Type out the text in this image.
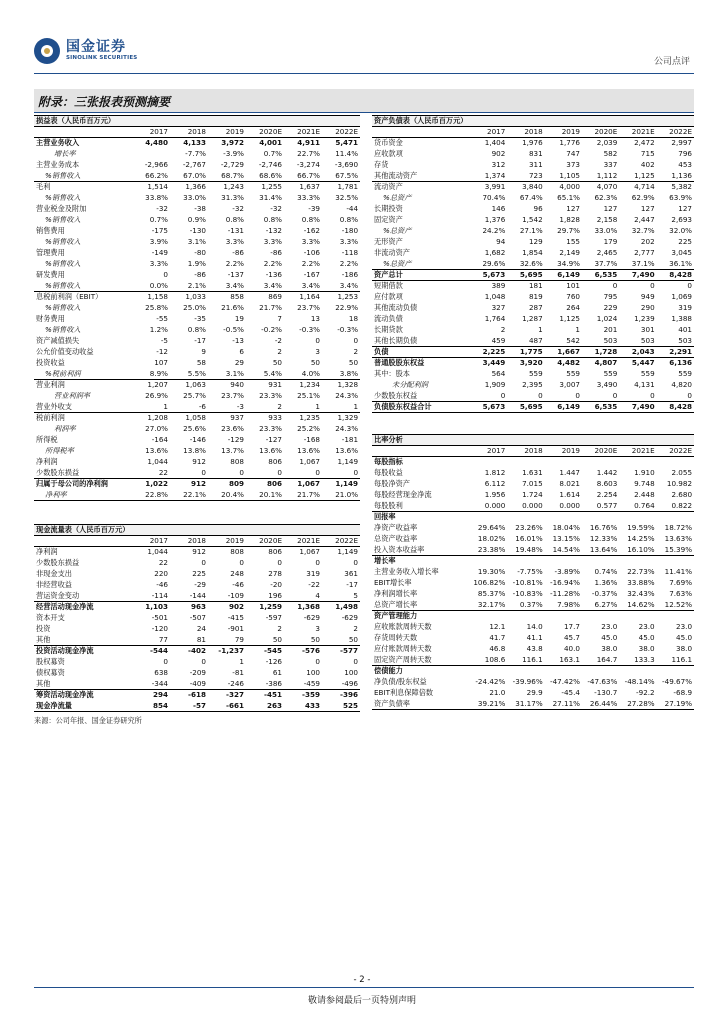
国金证券
SINOLINK SECURITIES	公司点评
附录：三张报表预测摘要
损益表（人民币百万元）						
	2017	2018	2019	2020E	2021E	2022E
主营业务收入	4,480	4,133	3,972	4,001	4,911	5,471
增长率		-7.7%	-3.9%	0.7%	22.7%	11.4%
主营业务成本	-2,966	-2,767	-2,729	-2,746	-3,274	-3,690
%销售收入	66.2%	67.0%	68.7%	68.6%	66.7%	67.5%
毛利	1,514	1,366	1,243	1,255	1,637	1,781
%销售收入	33.8%	33.0%	31.3%	31.4%	33.3%	32.5%
营业税金及附加	-32	-38	-32	-32	-39	-44
%销售收入	0.7%	0.9%	0.8%	0.8%	0.8%	0.8%
销售费用	-175	-130	-131	-132	-162	-180
%销售收入	3.9%	3.1%	3.3%	3.3%	3.3%	3.3%
管理费用	-149	-80	-86	-86	-106	-118
%销售收入	3.3%	1.9%	2.2%	2.2%	2.2%	2.2%
研发费用	0	-86	-137	-136	-167	-186
%销售收入	0.0%	2.1%	3.4%	3.4%	3.4%	3.4%
息税前利润（EBIT）	1,158	1,033	858	869	1,164	1,253
%销售收入	25.8%	25.0%	21.6%	21.7%	23.7%	22.9%
财务费用	-55	-35	19	7	13	18
%销售收入	1.2%	0.8%	-0.5%	-0.2%	-0.3%	-0.3%
资产减值损失	-5	-17	-13	-2	0	0
公允价值变动收益	-12	9	6	2	3	2
投资收益	107	58	29	50	50	50
%税前利润	8.9%	5.5%	3.1%	5.4%	4.0%	3.8%
营业利润	1,207	1,063	940	931	1,234	1,328
营业利润率	26.9%	25.7%	23.7%	23.3%	25.1%	24.3%
营业外收支	1	-6	-3	2	1	1
税前利润	1,208	1,058	937	933	1,235	1,329
利润率	27.0%	25.6%	23.6%	23.3%	25.2%	24.3%
所得税	-164	-146	-129	-127	-168	-181
所得税率	13.6%	13.8%	13.7%	13.6%	13.6%	13.6%
净利润	1,044	912	808	806	1,067	1,149
少数股东损益	22	0	0	0	0	0
归属于母公司的净利润	1,022	912	809	806	1,067	1,149
净利率	22.8%	22.1%	20.4%	20.1%	21.7%	21.0%
资产负债表（人民币百万元）						
	2017	2018	2019	2020E	2021E	2022E
货币资金	1,404	1,976	1,776	2,039	2,472	2,997
应收款项	902	831	747	582	715	796
存货	312	311	373	337	402	453
其他流动资产	1,374	723	1,105	1,112	1,125	1,136
流动资产	3,991	3,840	4,000	4,070	4,714	5,382
%总资产	70.4%	67.4%	65.1%	62.3%	62.9%	63.9%
长期投资	146	96	127	127	127	127
固定资产	1,376	1,542	1,828	2,158	2,447	2,693
%总资产	24.2%	27.1%	29.7%	33.0%	32.7%	32.0%
无形资产	94	129	155	179	202	225
非流动资产	1,682	1,854	2,149	2,465	2,777	3,045
%总资产	29.6%	32.6%	34.9%	37.7%	37.1%	36.1%
资产总计	5,673	5,695	6,149	6,535	7,490	8,428
短期借款	389	181	101	0	0	0
应付款项	1,048	819	760	795	949	1,069
其他流动负债	327	287	264	229	290	319
流动负债	1,764	1,287	1,125	1,024	1,239	1,388
长期贷款	2	1	1	201	301	401
其他长期负债	459	487	542	503	503	503
负债	2,225	1,775	1,667	1,728	2,043	2,291
普通股股东权益	3,449	3,920	4,482	4,807	5,447	6,136
其中：股本	564	559	559	559	559	559
未分配利润	1,909	2,395	3,007	3,490	4,131	4,820
少数股东权益	0	0	0	0	0	0
负债股东权益合计	5,673	5,695	6,149	6,535	7,490	8,428
比率分析						
	2017	2018	2019	2020E	2021E	2022E
每股指标						
每股收益	1.812	1.631	1.447	1.442	1.910	2.055
每股净资产	6.112	7.015	8.021	8.603	9.748	10.982
每股经营现金净流	1.956	1.724	1.614	2.254	2.448	2.680
每股股利	0.000	0.000	0.000	0.577	0.764	0.822
回报率						
净资产收益率	29.64%	23.26%	18.04%	16.76%	19.59%	18.72%
总资产收益率	18.02%	16.01%	13.15%	12.33%	14.25%	13.63%
投入资本收益率	23.38%	19.48%	14.54%	13.64%	16.10%	15.39%
增长率						
主营业务收入增长率	19.30%	-7.75%	-3.89%	0.74%	22.73%	11.41%
EBIT增长率	106.82%	-10.81%	-16.94%	1.36%	33.88%	7.69%
净利润增长率	85.37%	-10.83%	-11.28%	-0.37%	32.43%	7.63%
总资产增长率	32.17%	0.37%	7.98%	6.27%	14.62%	12.52%
资产管理能力						
应收账款周转天数	12.1	14.0	17.7	23.0	23.0	23.0
存货周转天数	41.7	41.1	45.7	45.0	45.0	45.0
应付账款周转天数	46.8	43.8	40.0	38.0	38.0	38.0
固定资产周转天数	108.6	116.1	163.1	164.7	133.3	116.1
偿债能力						
净负债/股东权益	-24.42%	-39.96%	-47.42%	-47.63%	-48.14%	-49.67%
EBIT利息保障倍数	21.0	29.9	-45.4	-130.7	-92.2	-68.9
资产负债率	39.21%	31.17%	27.11%	26.44%	27.28%	27.19%
现金流量表（人民币百万元）						
	2017	2018	2019	2020E	2021E	2022E
净利润	1,044	912	808	806	1,067	1,149
少数股东损益	22	0	0	0	0	0
非现金支出	220	225	248	278	319	361
非经营收益	-46	-29	-46	-20	-22	-17
营运资金变动	-114	-144	-109	196	4	5
经营活动现金净流	1,103	963	902	1,259	1,368	1,498
资本开支	-501	-507	-415	-597	-629	-629
投资	-120	24	-901	2	3	2
其他	77	81	79	50	50	50
投资活动现金净流	-544	-402	-1,237	-545	-576	-577
股权募资	0	0	1	-126	0	0
债权募资	638	-209	-81	61	100	100
其他	-344	-409	-246	-386	-459	-496
筹资活动现金净流	294	-618	-327	-451	-359	-396
现金净流量	854	-57	-661	263	433	525
来源：公司年报、国金证券研究所
- 2 -
敬请参阅最后一页特别声明
